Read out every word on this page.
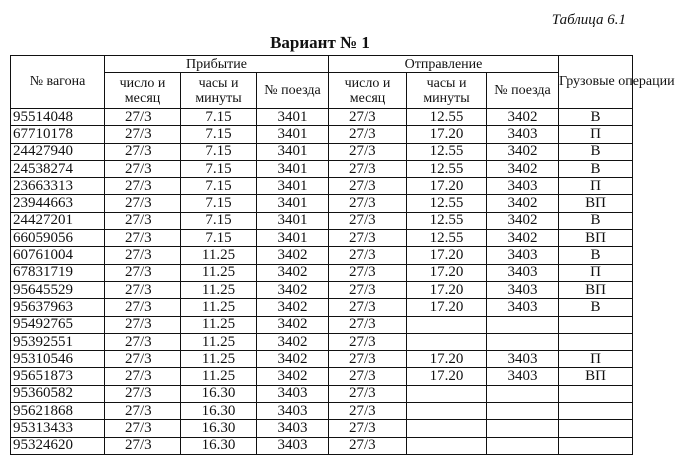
Таблица 6.1
Вариант № 1
№ вагона	Прибытие			Отправление			Грузовые операции
	число и месяц	часы и минуты	№ поезда	число и месяц	часы и минуты	№ поезда	
95514048	27/3	7.15	3401	27/3	12.55	3402	В
67710178	27/3	7.15	3401	27/3	17.20	3403	П
24427940	27/3	7.15	3401	27/3	12.55	3402	В
24538274	27/3	7.15	3401	27/3	12.55	3402	В
23663313	27/3	7.15	3401	27/3	17.20	3403	П
23944663	27/3	7.15	3401	27/3	12.55	3402	ВП
24427201	27/3	7.15	3401	27/3	12.55	3402	В
66059056	27/3	7.15	3401	27/3	12.55	3402	ВП
60761004	27/3	11.25	3402	27/3	17.20	3403	В
67831719	27/3	11.25	3402	27/3	17.20	3403	П
95645529	27/3	11.25	3402	27/3	17.20	3403	ВП
95637963	27/3	11.25	3402	27/3	17.20	3403	В
95492765	27/3	11.25	3402	27/3			
95392551	27/3	11.25	3402	27/3			
95310546	27/3	11.25	3402	27/3	17.20	3403	П
95651873	27/3	11.25	3402	27/3	17.20	3403	ВП
95360582	27/3	16.30	3403	27/3			
95621868	27/3	16.30	3403	27/3			
95313433	27/3	16.30	3403	27/3			
95324620	27/3	16.30	3403	27/3			
